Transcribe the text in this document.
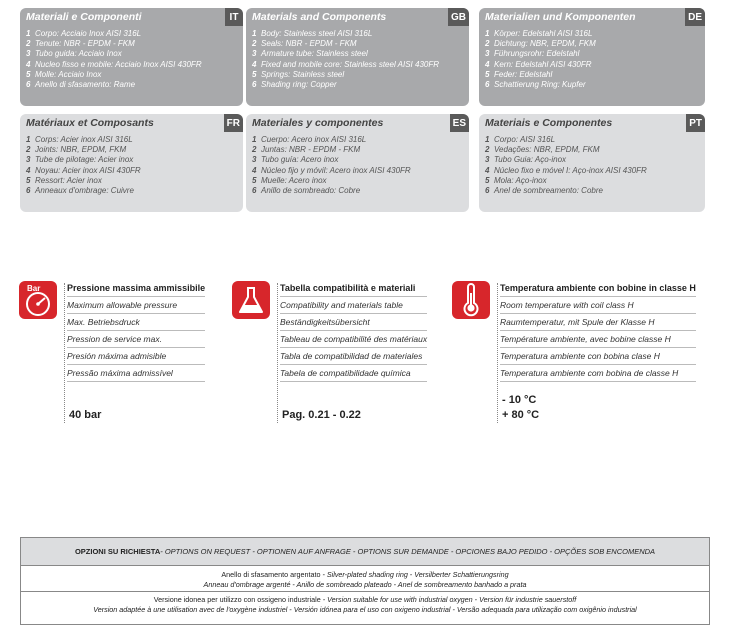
Materiali e Componenti	IT
1 Corpo: Acciaio Inox AISI 316L
2 Tenute: NBR - EPDM - FKM
3 Tubo guida: Acciaio Inox
4 Nucleo fisso e mobile: Acciaio Inox AISI 430FR
5 Molle: Acciaio Inox
6 Anello di sfasamento: Rame
Materials and Components	GB
1 Body: Stainless steel AISI 316L
2 Seals: NBR - EPDM - FKM
3 Armature tube: Stainless steel
4 Fixed and mobile core: Stainless steel AISI 430FR
5 Springs: Stainless steel
6 Shading ring: Copper
Materialien und Komponenten	DE
1 Körper: Edelstahl AISI 316L
2 Dichtung: NBR, EPDM, FKM
3 Führungsrohr: Edelstahl
4 Kern: Edelstahl AISI 430FR
5 Feder: Edelstahl
6 Schattierung Ring: Kupfer
Matériaux et Composants	FR
1 Corps: Acier inox AISI 316L
2 Joints: NBR, EPDM, FKM
3 Tube de pilotage: Acier inox
4 Noyau: Acier inox AISI 430FR
5 Ressort: Acier inox
6 Anneaux d'ombrage: Cuivre
Materiales y componentes	ES
1 Cuerpo: Acero inox AISI 316L
2 Juntas: NBR - EPDM - FKM
3 Tubo guía: Acero inox
4 Núcleo fijo y móvil: Acero inox AISI 430FR
5 Muelle: Acero inox
6 Anillo de sombreado: Cobre
Materiais e Componentes	PT
1 Corpo: AISI 316L
2 Vedações: NBR, EPDM, FKM
3 Tubo Guia: Aço-inox
4 Núcleo fixo e móvel I: Aço-inox AISI 430FR
5 Mola: Aço-inox
6 Anel de sombreamento: Cobre
Bar	Pressione massima ammissibile
Maximum allowable pressure
Max. Betriebsdruck
Pression de service max.
Presión máxima admisible
Pressão máxima admissível
40 bar
Tabella compatibilità e materiali
Compatibility and materials table
Beständigkeitsübersicht
Tableau de compatibilité des matériaux
Tabla de compatibilidad de materiales
Tabela de compatibilidade química
Pag. 0.21 - 0.22
Temperatura ambiente con bobine in classe H
Room temperature with coil class H
Raumtemperatur, mit Spule der Klasse H
Température ambiente, avec bobine classe H
Temperatura ambiente con bobina clase H
Temperatura ambiente com bobina de classe H
- 10 °C
+ 80 °C
OPZIONI SU RICHIESTA - OPTIONS ON REQUEST - OPTIONEN AUF ANFRAGE - OPTIONS SUR DEMANDE - OPCIONES BAJO PEDIDO - OPÇÕES SOB ENCOMENDA
Anello di sfasamento argentato - Silver-plated shading ring - Versilberter Schattierungsring
Anneau d'ombrage argenté - Anillo de sombreado plateado - Anel de sombreamento banhado a prata
Versione idonea per utilizzo con ossigeno industriale - Version suitable for use with industrial oxygen - Version für industrie sauerstoff
Version adaptée à une utilisation avec de l'oxygène industriel - Versión idónea para el uso con oxigeno industrial - Versão adequada para utilização com oxigênio industrial
